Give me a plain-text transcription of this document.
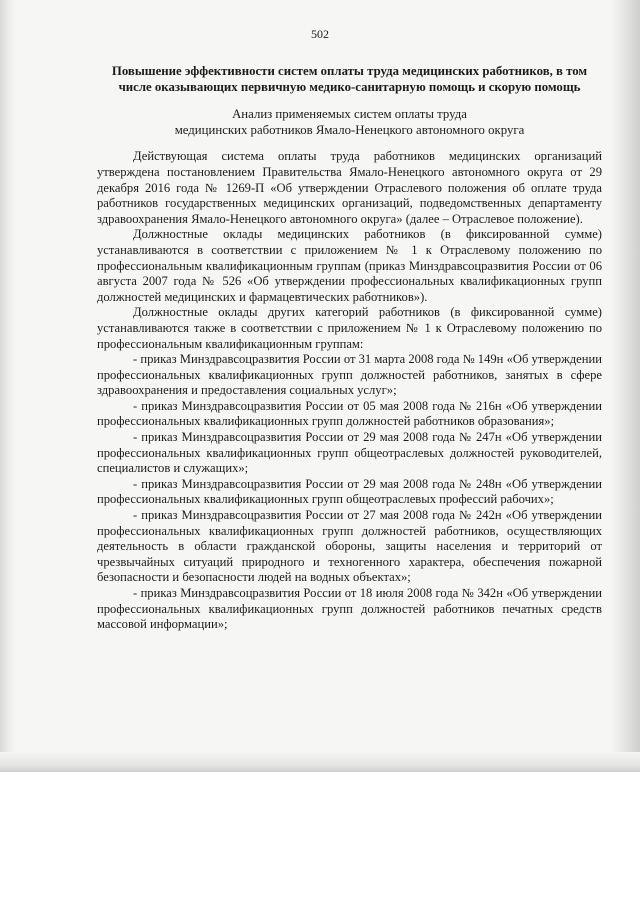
502

Повышение эффективности систем оплаты труда медицинских работников, в том числе оказывающих первичную медико-санитарную помощь и скорую помощь

Анализ применяемых систем оплаты труда
медицинских работников Ямало-Ненецкого автономного округа

Действующая система оплаты труда работников медицинских организаций утверждена постановлением Правительства Ямало-Ненецкого автономного округа от 29 декабря 2016 года № 1269-П «Об утверждении Отраслевого положения об оплате труда работников государственных медицинских организаций, подведомственных департаменту здравоохранения Ямало-Ненецкого автономного округа» (далее – Отраслевое положение).

Должностные оклады медицинских работников (в фиксированной сумме) устанавливаются в соответствии с приложением № 1 к Отраслевому положению по профессиональным квалификационным группам (приказ Минздравсоцразвития России от 06 августа 2007 года № 526 «Об утверждении профессиональных квалификационных групп должностей медицинских и фармацевтических работников»).

Должностные оклады других категорий работников (в фиксированной сумме) устанавливаются также в соответствии с приложением № 1 к Отраслевому положению по профессиональным квалификационным группам:

- приказ Минздравсоцразвития России от 31 марта 2008 года № 149н «Об утверждении профессиональных квалификационных групп должностей работников, занятых в сфере здравоохранения и предоставления социальных услуг»;

- приказ Минздравсоцразвития России от 05 мая 2008 года № 216н «Об утверждении профессиональных квалификационных групп должностей работников образования»;

- приказ Минздравсоцразвития России от 29 мая 2008 года № 247н «Об утверждении профессиональных квалификационных групп общеотраслевых должностей руководителей, специалистов и служащих»;

- приказ Минздравсоцразвития России от 29 мая 2008 года № 248н «Об утверждении профессиональных квалификационных групп общеотраслевых профессий рабочих»;

- приказ Минздравсоцразвития России от 27 мая 2008 года № 242н «Об утверждении профессиональных квалификационных групп должностей работников, осуществляющих деятельность в области гражданской обороны, защиты населения и территорий от чрезвычайных ситуаций природного и техногенного характера, обеспечения пожарной безопасности и безопасности людей на водных объектах»;

- приказ Минздравсоцразвития России от 18 июля 2008 года № 342н «Об утверждении профессиональных квалификационных групп должностей работников печатных средств массовой информации»;
